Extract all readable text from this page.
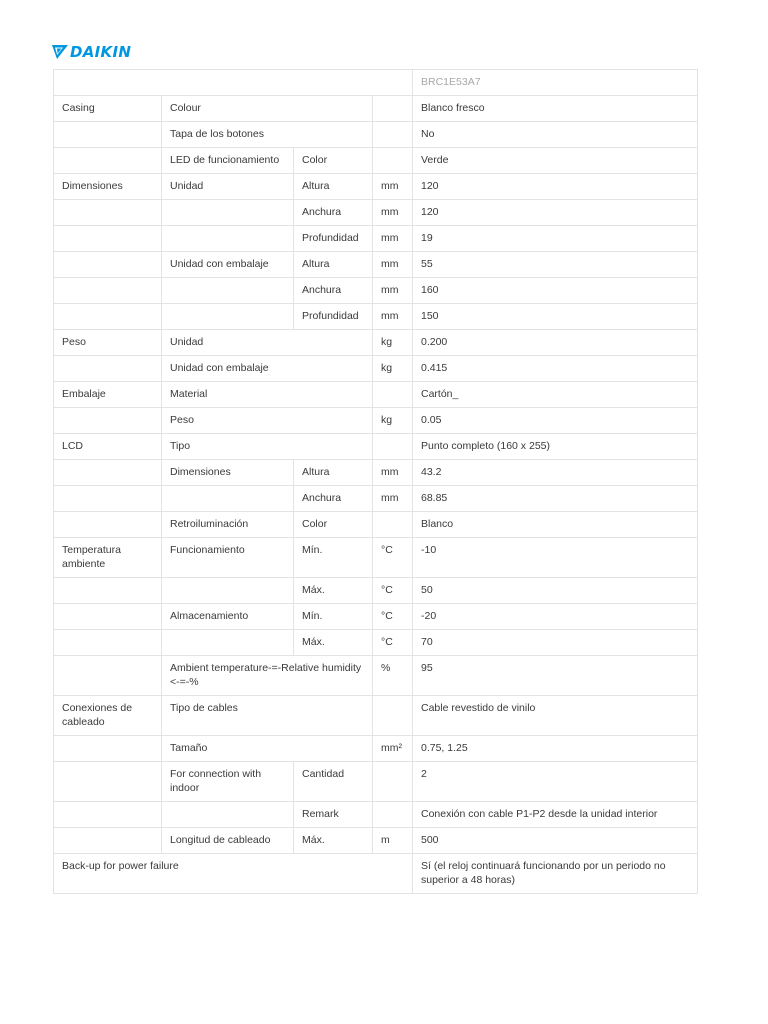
DAIKIN
				BRC1E53A7
Casing	Colour			Blanco fresco
	Tapa de los botones			No
	LED de funcionamiento	Color		Verde
Dimensiones	Unidad	Altura	mm	120
		Anchura	mm	120
		Profundidad	mm	19
	Unidad con embalaje	Altura	mm	55
		Anchura	mm	160
		Profundidad	mm	150
Peso	Unidad		kg	0.200
	Unidad con embalaje		kg	0.415
Embalaje	Material			Cartón_
	Peso		kg	0.05
LCD	Tipo			Punto completo (160 x 255)
	Dimensiones	Altura	mm	43.2
		Anchura	mm	68.85
	Retroiluminación	Color		Blanco
Temperatura ambiente	Funcionamiento	Mín.	°C	-10
		Máx.	°C	50
	Almacenamiento	Mín.	°C	-20
		Máx.	°C	70
	Ambient temperature-=-Relative humidity <-=-%		%	95
Conexiones de cableado	Tipo de cables			Cable revestido de vinilo
	Tamaño		mm²	0.75, 1.25
	For connection with indoor	Cantidad		2
		Remark		Conexión con cable P1-P2 desde la unidad interior
	Longitud de cableado	Máx.	m	500
Back-up for power failure				Sí (el reloj continuará funcionando por un periodo no superior a 48 horas)
